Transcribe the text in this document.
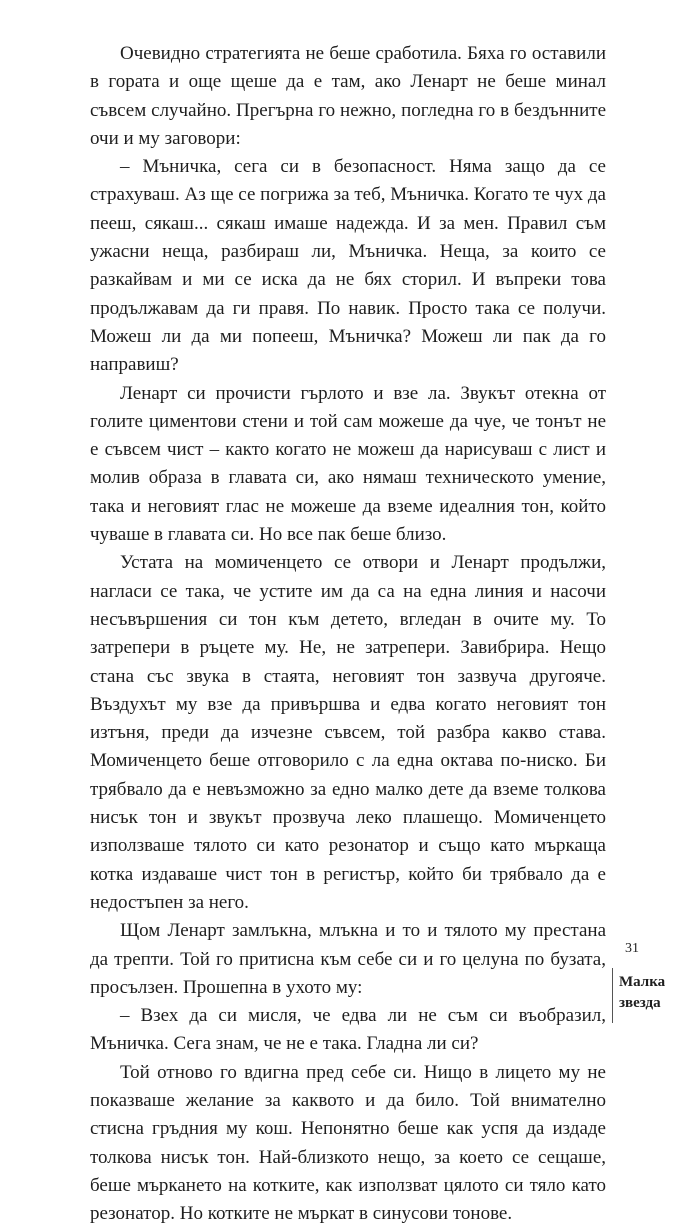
Очевидно стратегията не беше сработила. Бяха го оставили в гората и още щеше да е там, ако Ленарт не беше минал съвсем случайно. Прегърна го нежно, погледна го в бездънните очи и му заговори:

– Мъничка, сега си в безопасност. Няма защо да се страхуваш. Аз ще се погрижа за теб, Мъничка. Когато те чух да пееш, сякаш... сякаш имаше надежда. И за мен. Правил съм ужасни неща, разбираш ли, Мъничка. Неща, за които се разкайвам и ми се иска да не бях сторил. И въпреки това продължавам да ги правя. По навик. Просто така се получи. Можеш ли да ми попееш, Мъничка? Можеш ли пак да го направиш?

Ленарт си прочисти гърлото и взе ла. Звукът отекна от голите циментови стени и той сам можеше да чуе, че тонът не е съвсем чист – както когато не можеш да нарисуваш с лист и молив образа в главата си, ако нямаш техническото умение, така и неговият глас не можеше да вземе идеалния тон, който чуваше в главата си. Но все пак беше близо.

Устата на момиченцето се отвори и Ленарт продължи, нагласи се така, че устите им да са на една линия и насочи несъвършения си тон към детето, вгледан в очите му. То затрепери в ръцете му. Не, не затрепери. Завибрира. Нещо стана със звука в стаята, неговият тон зазвуча другояче. Въздухът му взе да привършва и едва когато неговият тон изтъня, преди да изчезне съвсем, той разбра какво става. Момиченцето беше отговорило с ла една октава по-ниско. Би трябвало да е невъзможно за едно малко дете да вземе толкова нисък тон и звукът прозвуча леко плашещо. Момиченцето използваше тялото си като резонатор и също като мъркаща котка издаваше чист тон в регистър, който би трябвало да е недостъпен за него.

Щом Ленарт замлъкна, млъкна и то и тялото му престана да трепти. Той го притисна към себе си и го целуна по бузата, просълзен. Прошепна в ухото му:

– Взех да си мисля, че едва ли не съм си въобразил, Мъничка. Сега знам, че не е така. Гладна ли си?

Той отново го вдигна пред себе си. Нищо в лицето му не показваше желание за каквото и да било. Той внимателно стисна гръдния му кош. Непонятно беше как успя да издаде толкова нисък тон. Най-близкото нещо, за което се сещаше, беше мъркането на котките, как използват цялото си тяло като резонатор. Но котките не мъркат в синусови тонове.

31
Малка
звезда
